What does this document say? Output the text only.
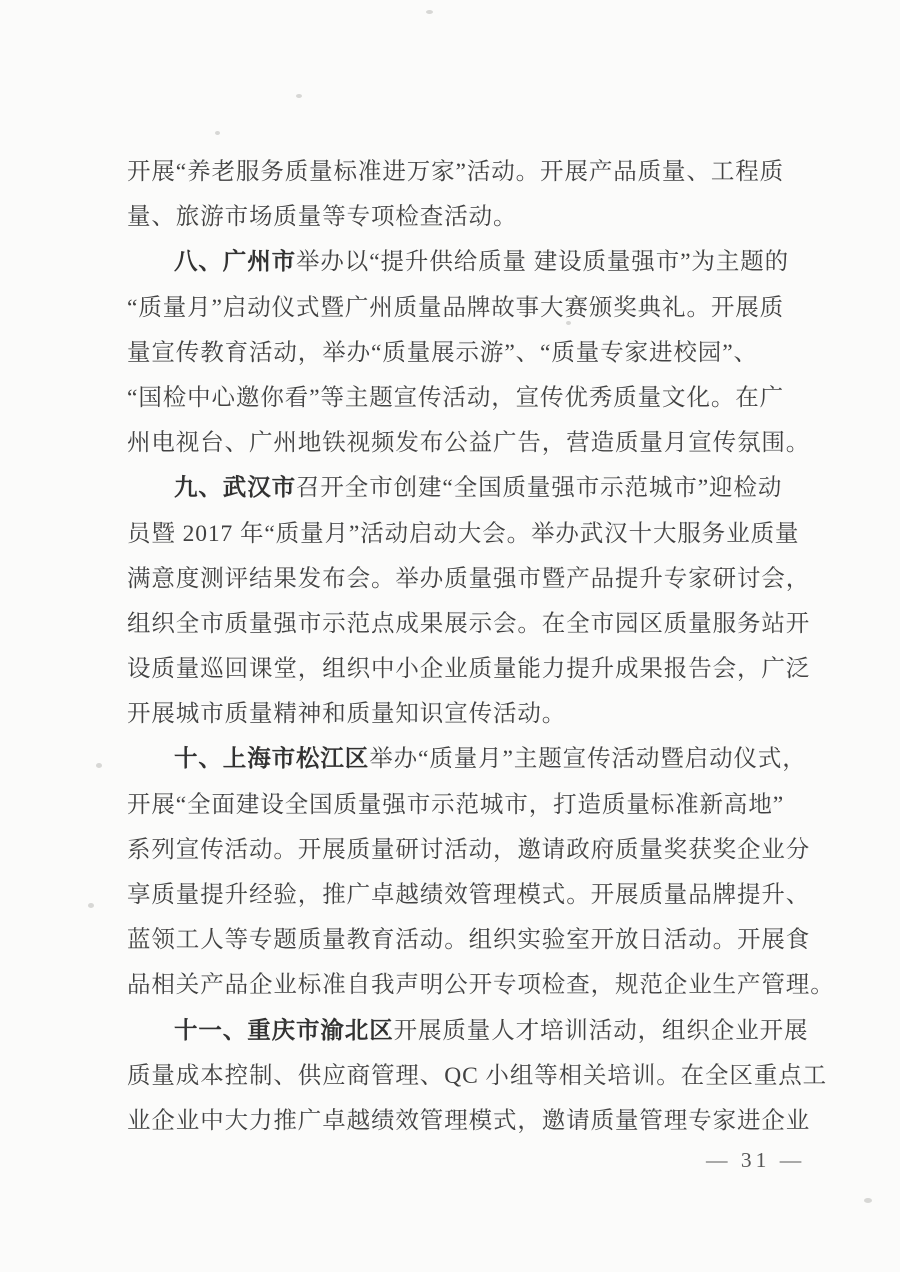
开展“养老服务质量标准进万家”活动。开展产品质量、工程质
量、旅游市场质量等专项检查活动。
八、广州市举办以“提升供给质量 建设质量强市”为主题的
“质量月”启动仪式暨广州质量品牌故事大赛颁奖典礼。开展质
量宣传教育活动，举办“质量展示游”、“质量专家进校园”、
“国检中心邀你看”等主题宣传活动，宣传优秀质量文化。在广
州电视台、广州地铁视频发布公益广告，营造质量月宣传氛围。
九、武汉市召开全市创建“全国质量强市示范城市”迎检动
员暨 2017 年“质量月”活动启动大会。举办武汉十大服务业质量
满意度测评结果发布会。举办质量强市暨产品提升专家研讨会，
组织全市质量强市示范点成果展示会。在全市园区质量服务站开
设质量巡回课堂，组织中小企业质量能力提升成果报告会，广泛
开展城市质量精神和质量知识宣传活动。
十、上海市松江区举办“质量月”主题宣传活动暨启动仪式，
开展“全面建设全国质量强市示范城市，打造质量标准新高地”
系列宣传活动。开展质量研讨活动，邀请政府质量奖获奖企业分
享质量提升经验，推广卓越绩效管理模式。开展质量品牌提升、
蓝领工人等专题质量教育活动。组织实验室开放日活动。开展食
品相关产品企业标准自我声明公开专项检查，规范企业生产管理。
十一、重庆市渝北区开展质量人才培训活动，组织企业开展
质量成本控制、供应商管理、QC 小组等相关培训。在全区重点工
业企业中大力推广卓越绩效管理模式，邀请质量管理专家进企业
— 31 —
